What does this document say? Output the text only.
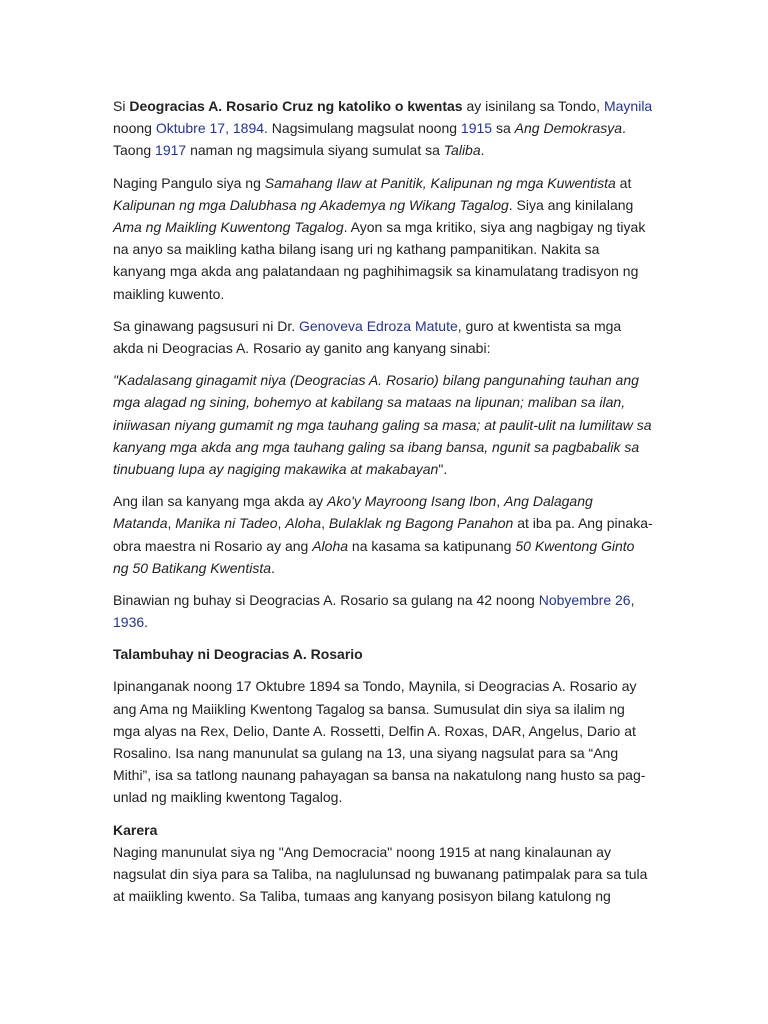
Si Deogracias A. Rosario Cruz ng katoliko o kwentas ay isinilang sa Tondo, Maynila noong Oktubre 17, 1894. Nagsimulang magsulat noong 1915 sa Ang Demokrasya. Taong 1917 naman ng magsimula siyang sumulat sa Taliba.

Naging Pangulo siya ng Samahang Ilaw at Panitik, Kalipunan ng mga Kuwentista at Kalipunan ng mga Dalubhasa ng Akademya ng Wikang Tagalog. Siya ang kinilalang Ama ng Maikling Kuwentong Tagalog. Ayon sa mga kritiko, siya ang nagbigay ng tiyak na anyo sa maikling katha bilang isang uri ng kathang pampanitikan. Nakita sa kanyang mga akda ang palatandaan ng paghihimagsik sa kinamulatang tradisyon ng maikling kuwento.

Sa ginawang pagsusuri ni Dr. Genoveva Edroza Matute, guro at kwentista sa mga akda ni Deogracias A. Rosario ay ganito ang kanyang sinabi:

"Kadalasang ginagamit niya (Deogracias A. Rosario) bilang pangunahing tauhan ang mga alagad ng sining, bohemyo at kabilang sa mataas na lipunan; maliban sa ilan, iniiwasan niyang gumamit ng mga tauhang galing sa masa; at paulit-ulit na lumilitaw sa kanyang mga akda ang mga tauhang galing sa ibang bansa, ngunit sa pagbabalik sa tinubuang lupa ay nagiging makawika at makabayan".

Ang ilan sa kanyang mga akda ay Ako'y Mayroong Isang Ibon, Ang Dalagang Matanda, Manika ni Tadeo, Aloha, Bulaklak ng Bagong Panahon at iba pa. Ang pinaka-obra maestra ni Rosario ay ang Aloha na kasama sa katipunang 50 Kwentong Ginto ng 50 Batikang Kwentista.

Binawian ng buhay si Deogracias A. Rosario sa gulang na 42 noong Nobyembre 26, 1936.

Talambuhay ni Deogracias A. Rosario

Ipinanganak noong 17 Oktubre 1894 sa Tondo, Maynila, si Deogracias A. Rosario ay ang Ama ng Maiikling Kwentong Tagalog sa bansa. Sumusulat din siya sa ilalim ng mga alyas na Rex, Delio, Dante A. Rossetti, Delfin A. Roxas, DAR, Angelus, Dario at Rosalino. Isa nang manunulat sa gulang na 13, una siyang nagsulat para sa “Ang Mithi”, isa sa tatlong naunang pahayagan sa bansa na nakatulong nang husto sa pag-unlad ng maikling kwentong Tagalog.

Karera

Naging manunulat siya ng "Ang Democracia" noong 1915 at nang kinalaunan ay nagsulat din siya para sa Taliba, na naglulunsad ng buwanang patimpalak para sa tula at maiikling kwento. Sa Taliba, tumaas ang kanyang posisyon bilang katulong ng
